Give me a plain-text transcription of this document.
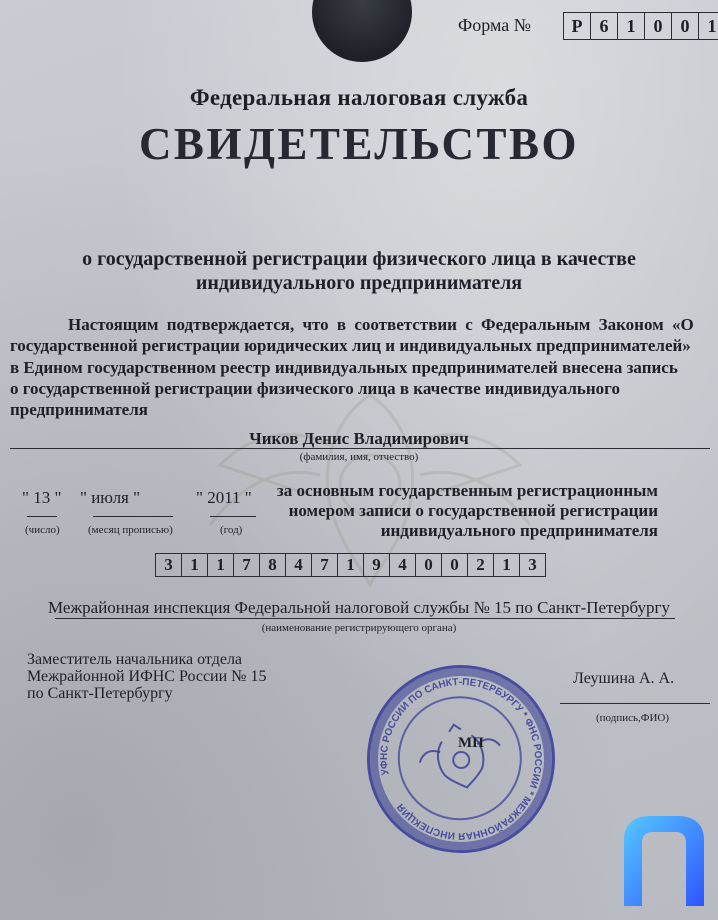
Форма №	Р 6	1	0	0	1
Федеральная налоговая служба
СВИДЕТЕЛЬСТВО
о государственной регистрации физического лица в качестве
индивидуального предпринимателя
Настоящим подтверждается, что в соответствии с Федеральным Законом «О
государственной регистрации юридических лиц и индивидуальных предпринимателей»
в Едином государственном реестр индивидуальных предпринимателей внесена запись
о государственной регистрации физического лица в качестве индивидуального
предпринимателя
Чиков Денис Владимирович
(фамилия, имя, отчество)
" 13 " " июля "	" 2011 "
(число)	(месяц прописью)	(год)
за основным государственным регистрационным
номером записи о государственной регистрации
индивидуального предпринимателя
3	1	1	7	8	4	7	1	9	4	0	0	2	1	3
Межрайонная инспекция Федеральной налоговой службы № 15 по Санкт-Петербургу
(наименование регистрирующего органа)
Заместитель начальника отдела
Межрайонной ИФНС России № 15
по Санкт-Петербургу
Леушина А. А.
(подпись,ФИО)
УФНС РОССИИ ПО САНКТ-ПЕТЕРБУРГУ * ФНС РОССИИ * МЕЖРАЙОННАЯ ИНСПЕКЦИЯ
МП
